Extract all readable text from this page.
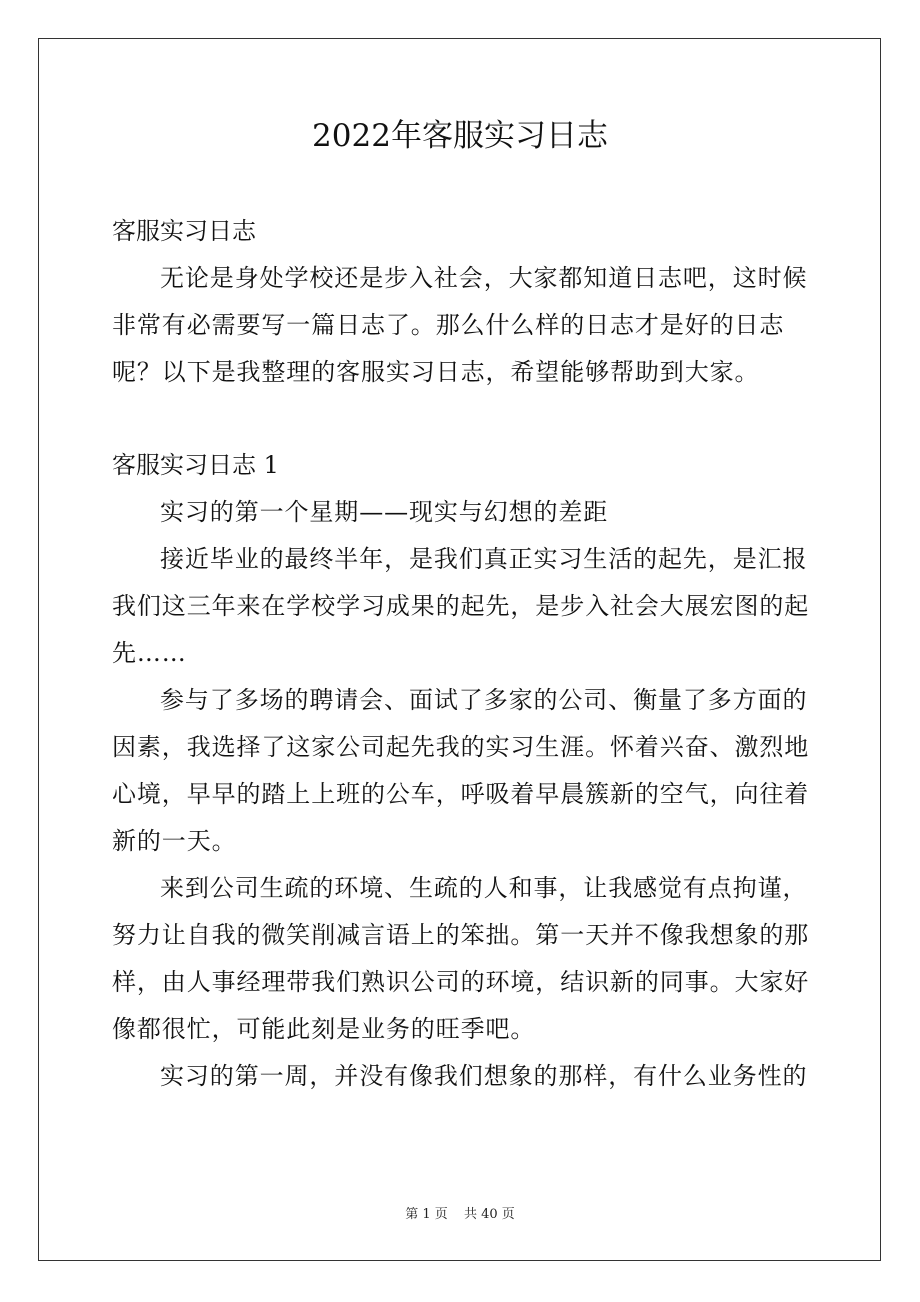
2022年客服实习日志

客服实习日志

无论是身处学校还是步入社会，大家都知道日志吧，这时候非常有必需要写一篇日志了。那么什么样的日志才是好的日志呢？以下是我整理的客服实习日志，希望能够帮助到大家。

客服实习日志 1

实习的第一个星期——现实与幻想的差距

接近毕业的最终半年，是我们真正实习生活的起先，是汇报我们这三年来在学校学习成果的起先，是步入社会大展宏图的起先……

参与了多场的聘请会、面试了多家的公司、衡量了多方面的因素，我选择了这家公司起先我的实习生涯。怀着兴奋、激烈地心境，早早的踏上上班的公车，呼吸着早晨簇新的空气，向往着新的一天。

来到公司生疏的环境、生疏的人和事，让我感觉有点拘谨，努力让自我的微笑削减言语上的笨拙。第一天并不像我想象的那样，由人事经理带我们熟识公司的环境，结识新的同事。大家好像都很忙，可能此刻是业务的旺季吧。

实习的第一周，并没有像我们想象的那样，有什么业务性的

第 1 页 共 40 页
